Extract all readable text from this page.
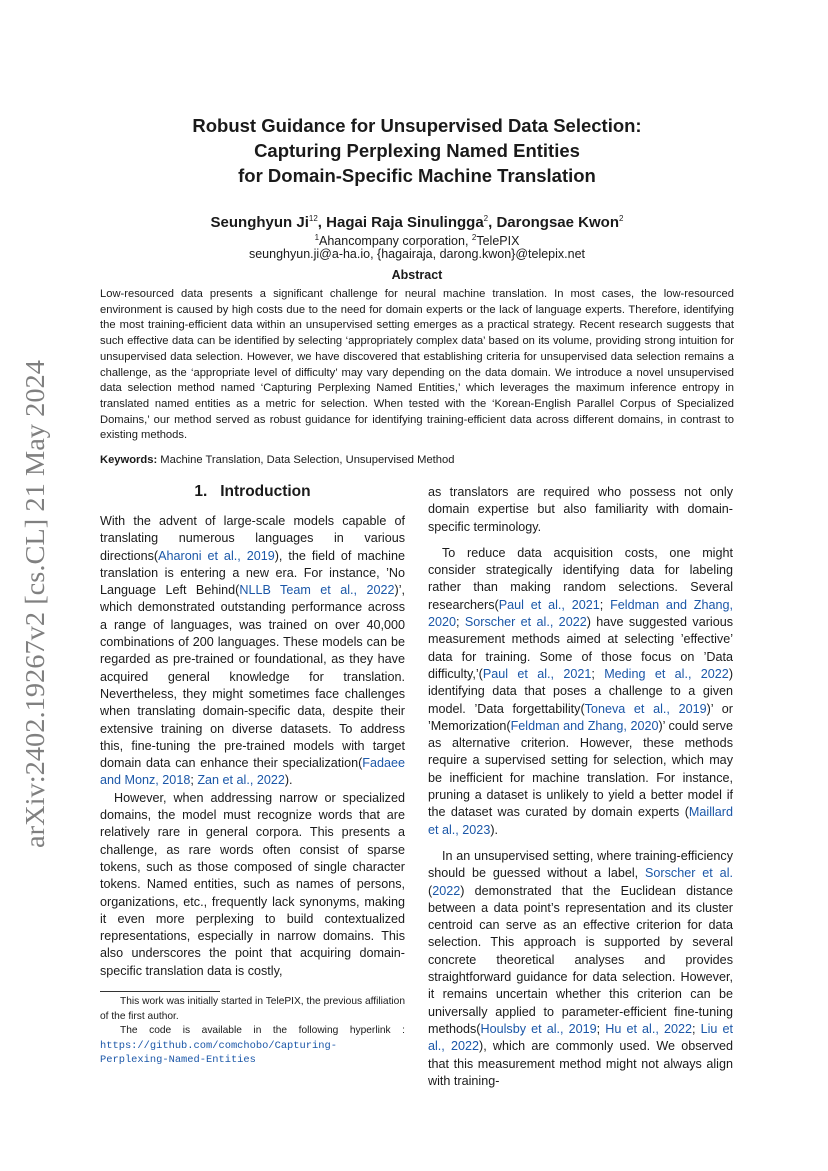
arXiv:2402.19267v2 [cs.CL] 21 May 2024
Robust Guidance for Unsupervised Data Selection:
Capturing Perplexing Named Entities
for Domain-Specific Machine Translation
Seunghyun Ji$^{12}$, Hagai Raja Sinulingga$^2$, Darongsae Kwon$^2$
$^1$Ahancompany corporation, $^2$TelePIX
seunghyun.ji@a-ha.io, {hagairaja, darong.kwon}@telepix.net
Abstract

Low-resourced data presents a significant challenge for neural machine translation. In most cases, the low-resourced environment is caused by high costs due to the need for domain experts or the lack of language experts. Therefore, identifying the most training-efficient data within an unsupervised setting emerges as a practical strategy. Recent research suggests that such effective data can be identified by selecting ‘appropriately complex data’ based on its volume, providing strong intuition for unsupervised data selection. However, we have discovered that establishing criteria for unsupervised data selection remains a challenge, as the ‘appropriate level of difficulty’ may vary depending on the data domain. We introduce a novel unsupervised data selection method named ‘Capturing Perplexing Named Entities,’ which leverages the maximum inference entropy in translated named entities as a metric for selection. When tested with the ‘Korean-English Parallel Corpus of Specialized Domains,’ our method served as robust guidance for identifying training-efficient data across different domains, in contrast to existing methods.

Keywords: Machine Translation, Data Selection, Unsupervised Method

1.   Introduction

With the advent of large-scale models capable of translating numerous languages in various directions(Aharoni et al., 2019), the field of machine translation is entering a new era. For instance, ’No Language Left Behind(NLLB Team et al., 2022)’, which demonstrated outstanding performance across a range of languages, was trained on over 40,000 combinations of 200 languages. These models can be regarded as pre-trained or foundational, as they have acquired general knowledge for translation. Nevertheless, they might sometimes face challenges when translating domain-specific data, despite their extensive training on diverse datasets. To address this, fine-tuning the pre-trained models with target domain data can enhance their specialization(Fadaee and Monz, 2018; Zan et al., 2022).

However, when addressing narrow or specialized domains, the model must recognize words that are relatively rare in general corpora. This presents a challenge, as rare words often consist of sparse tokens, such as those composed of single character tokens. Named entities, such as names of persons, organizations, etc., frequently lack synonyms, making it even more perplexing to build contextualized representations, especially in narrow domains. This also underscores the point that acquiring domain-specific translation data is costly,

This work was initially started in TelePIX, the previous affiliation of the first author.

The code is available in the following hyperlink : https://github.com/comchobo/Capturing-Perplexing-Named-Entities

as translators are required who possess not only domain expertise but also familiarity with domain-specific terminology.

To reduce data acquisition costs, one might consider strategically identifying data for labeling rather than making random selections. Several researchers(Paul et al., 2021; Feldman and Zhang, 2020; Sorscher et al., 2022) have suggested various measurement methods aimed at selecting ’effective’ data for training. Some of those focus on ’Data difficulty,’(Paul et al., 2021; Meding et al., 2022) identifying data that poses a challenge to a given model. ’Data forgettability(Toneva et al., 2019)’ or ’Memorization(Feldman and Zhang, 2020)’ could serve as alternative criterion. However, these methods require a supervised setting for selection, which may be inefficient for machine translation. For instance, pruning a dataset is unlikely to yield a better model if the dataset was curated by domain experts (Maillard et al., 2023).

In an unsupervised setting, where training-efficiency should be guessed without a label, Sorscher et al. (2022) demonstrated that the Euclidean distance between a data point’s representation and its cluster centroid can serve as an effective criterion for data selection. This approach is supported by several concrete theoretical analyses and provides straightforward guidance for data selection. However, it remains uncertain whether this criterion can be universally applied to parameter-efficient fine-tuning methods(Houlsby et al., 2019; Hu et al., 2022; Liu et al., 2022), which are commonly used. We observed that this measurement method might not always align with training-
